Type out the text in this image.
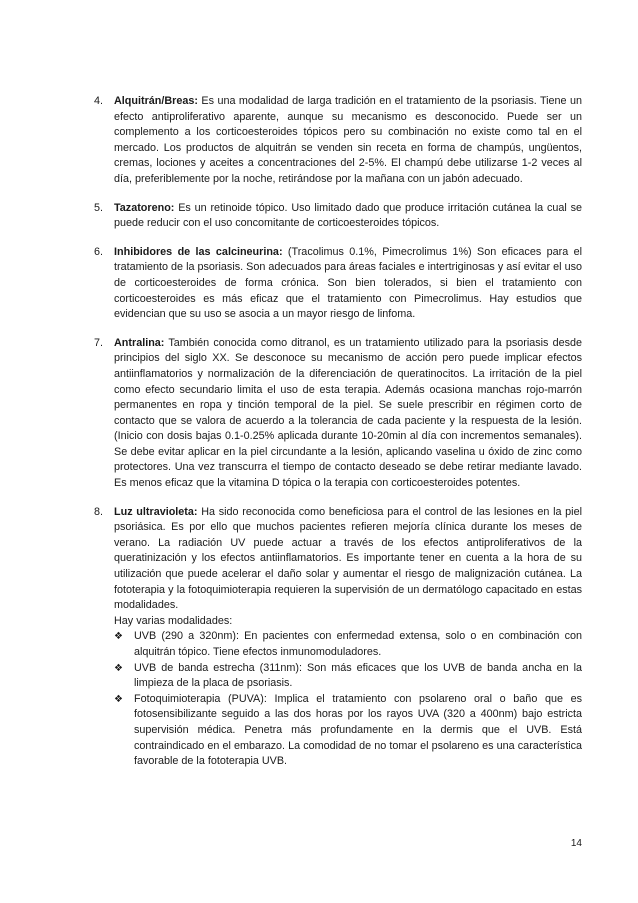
4.	Alquitrán/Breas: Es una modalidad de larga tradición en el tratamiento de la psoriasis. Tiene un efecto antiproliferativo aparente, aunque su mecanismo es desconocido. Puede ser un complemento a los corticoesteroides tópicos pero su combinación no existe como tal en el mercado. Los productos de alquitrán se venden sin receta en forma de champús, ungüentos, cremas, lociones y aceites a concentraciones del 2-5%. El champú debe utilizarse 1-2 veces al día, preferiblemente por la noche, retirándose por la mañana con un jabón adecuado.
5.	Tazatoreno: Es un retinoide tópico. Uso limitado dado que produce irritación cutánea la cual se puede reducir con el uso concomitante de corticoesteroides tópicos.
6.	Inhibidores de las calcineurina: (Tracolimus 0.1%, Pimecrolimus 1%) Son eficaces para el tratamiento de la psoriasis. Son adecuados para áreas faciales e intertriginosas y así evitar el uso de corticoesteroides de forma crónica. Son bien tolerados, si bien el tratamiento con corticoesteroides es más eficaz que el tratamiento con Pimecrolimus. Hay estudios que evidencian que su uso se asocia a un mayor riesgo de linfoma.
7.	Antralina: También conocida como ditranol, es un tratamiento utilizado para la psoriasis desde principios del siglo XX. Se desconoce su mecanismo de acción pero puede implicar efectos antiinflamatorios y normalización de la diferenciación de queratinocitos. La irritación de la piel como efecto secundario limita el uso de esta terapia. Además ocasiona manchas rojo-marrón permanentes en ropa y tinción temporal de la piel. Se suele prescribir en régimen corto de contacto que se valora de acuerdo a la tolerancia de cada paciente y la respuesta de la lesión. (Inicio con dosis bajas 0.1-0.25% aplicada durante 10-20min al día con incrementos semanales). Se debe evitar aplicar en la piel circundante a la lesión, aplicando vaselina u óxido de zinc como protectores. Una vez transcurra el tiempo de contacto deseado se debe retirar mediante lavado. Es menos eficaz que la vitamina D tópica o la terapia con corticoesteroides potentes.
8.	Luz ultravioleta: Ha sido reconocida como beneficiosa para el control de las lesiones en la piel psoriásica. Es por ello que muchos pacientes refieren mejoría clínica durante los meses de verano. La radiación UV puede actuar a través de los efectos antiproliferativos de la queratinización y los efectos antiinflamatorios. Es importante tener en cuenta a la hora de su utilización que puede acelerar el daño solar y aumentar el riesgo de malignización cutánea. La fototerapia y la fotoquimioterapia requieren la supervisión de un dermatólogo capacitado en estas modalidades.
Hay varias modalidades:
❖	UVB (290 a 320nm): En pacientes con enfermedad extensa, solo o en combinación con alquitrán tópico. Tiene efectos inmunomoduladores.
❖	UVB de banda estrecha (311nm): Son más eficaces que los UVB de banda ancha en la limpieza de la placa de psoriasis.
❖	Fotoquimioterapia (PUVA): Implica el tratamiento con psolareno oral o baño que es fotosensibilizante seguido a las dos horas por los rayos UVA (320 a 400nm) bajo estricta supervisión médica. Penetra más profundamente en la dermis que el UVB. Está contraindicado en el embarazo. La comodidad de no tomar el psolareno es una característica favorable de la fototerapia UVB.
14
